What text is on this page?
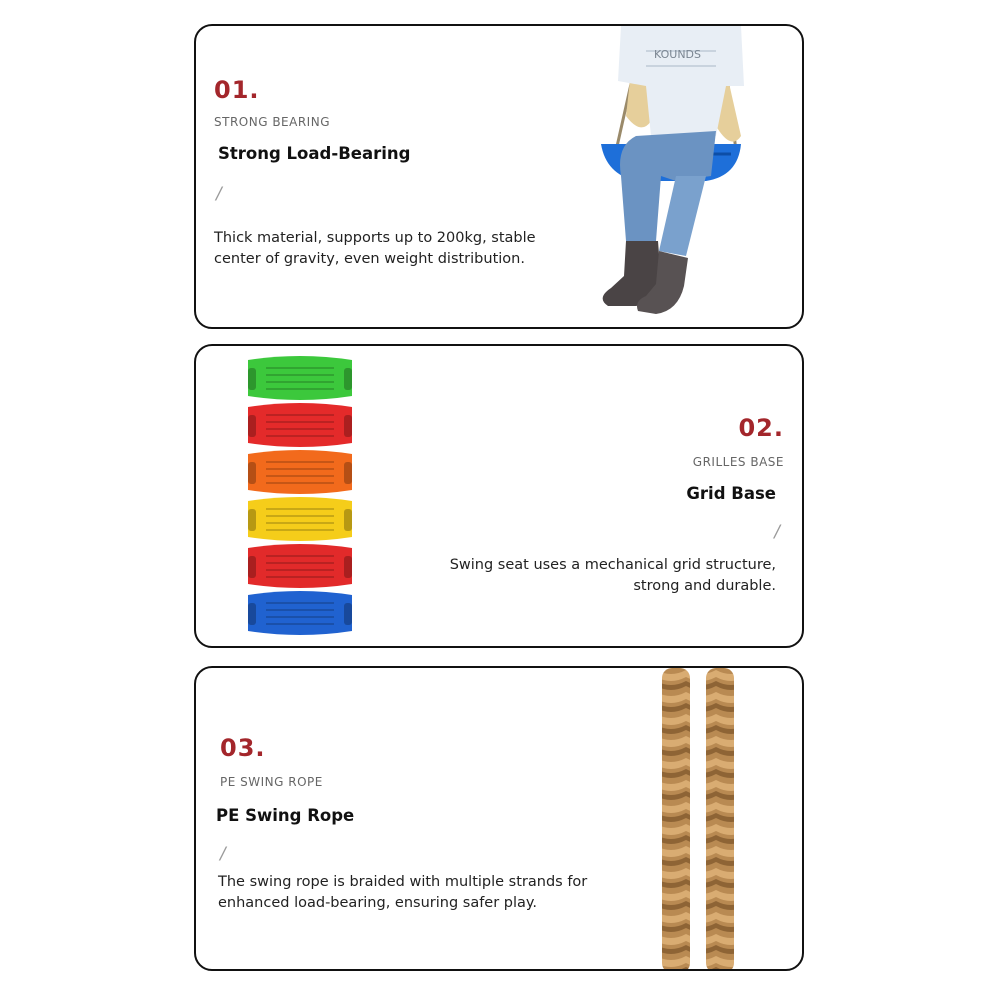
01.
STRONG BEARING
Strong Load-Bearing
/
Thick material, supports up to 200kg, stable
center of gravity, even weight distribution.
KOUNDS
02.
GRILLES BASE
Grid Base
/
Swing seat uses a mechanical grid structure,
strong and durable.
03.
PE SWING ROPE
PE Swing Rope
/
The swing rope is braided with multiple strands for
enhanced load-bearing, ensuring safer play.
